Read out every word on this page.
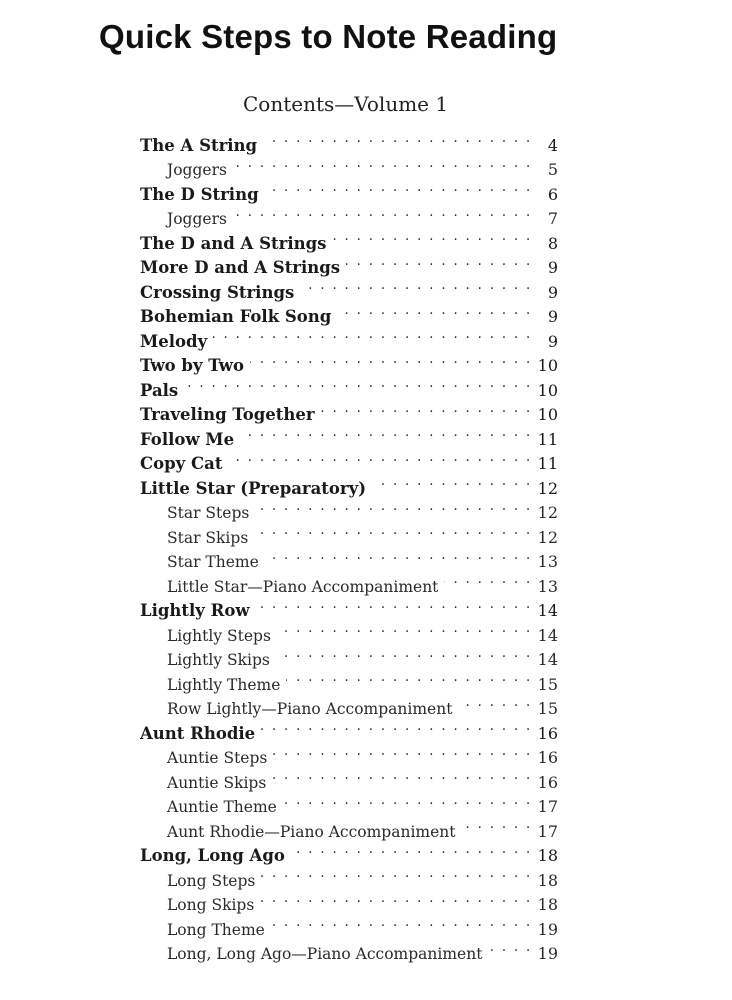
Quick Steps to Note Reading
Contents—Volume 1
The A String . . .	4
Joggers . . .	5
The D String . . .	6
Joggers . . .	7
The D and A Strings . . .	8
More D and A Strings . . .	9
Crossing Strings . . .	9
Bohemian Folk Song . . .	9
Melody . . .	9
Two by Two . . .	10
Pals . . .	10
Traveling Together . . .	10
Follow Me . . .	11
Copy Cat . . .	11
Little Star (Preparatory) . . .	12
Star Steps . . .	12
Star Skips . . .	12
Star Theme . . .	13
Little Star—Piano Accompaniment . . .	13
Lightly Row . . .	14
Lightly Steps . . .	14
Lightly Skips . . .	14
Lightly Theme . . .	15
Row Lightly—Piano Accompaniment . . .	15
Aunt Rhodie . . .	16
Auntie Steps . . .	16
Auntie Skips . . .	16
Auntie Theme . . .	17
Aunt Rhodie—Piano Accompaniment . . .	17
Long, Long Ago . . .	18
Long Steps . . .	18
Long Skips . . .	18
Long Theme . . .	19
Long, Long Ago—Piano Accompaniment . . .	19
